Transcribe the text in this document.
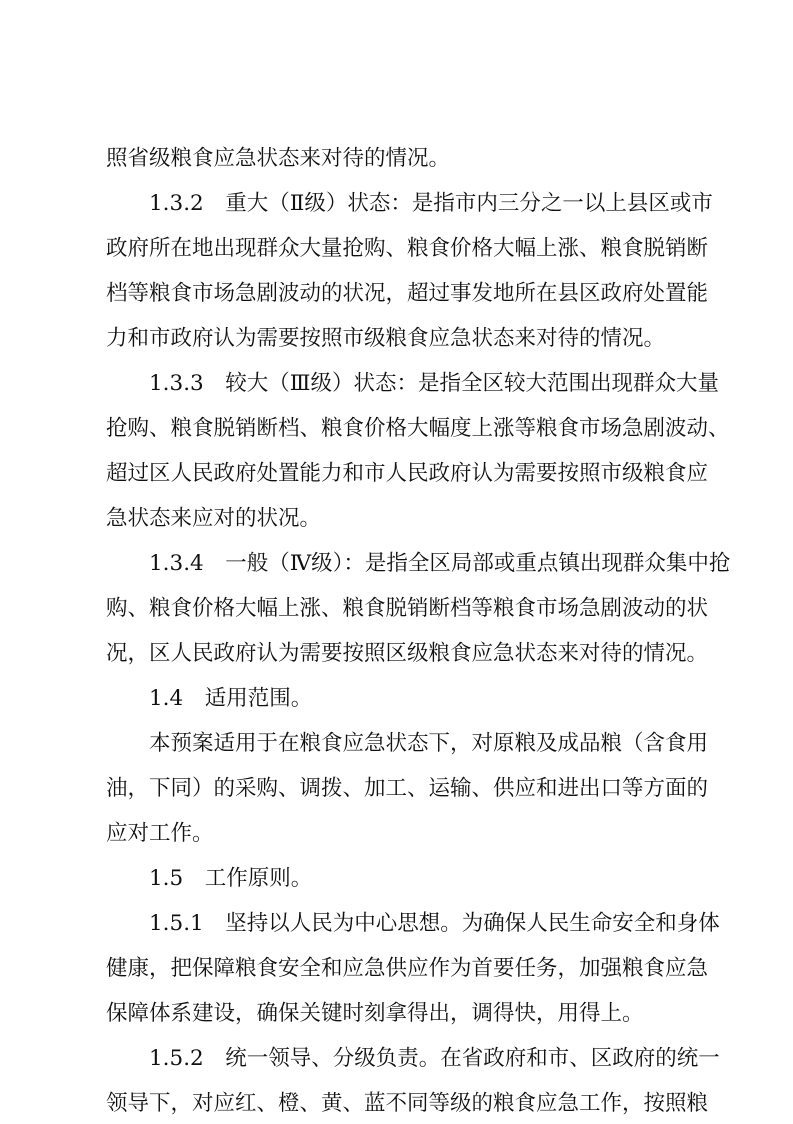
照省级粮食应急状态来对待的情况。
1.3.2　重大（Ⅱ级）状态：是指市内三分之一以上县区或市
政府所在地出现群众大量抢购、粮食价格大幅上涨、粮食脱销断
档等粮食市场急剧波动的状况，超过事发地所在县区政府处置能
力和市政府认为需要按照市级粮食应急状态来对待的情况。
1.3.3　较大（Ⅲ级）状态：是指全区较大范围出现群众大量
抢购、粮食脱销断档、粮食价格大幅度上涨等粮食市场急剧波动、
超过区人民政府处置能力和市人民政府认为需要按照市级粮食应
急状态来应对的状况。
1.3.4　一般（Ⅳ级）：是指全区局部或重点镇出现群众集中抢
购、粮食价格大幅上涨、粮食脱销断档等粮食市场急剧波动的状
况，区人民政府认为需要按照区级粮食应急状态来对待的情况。
1.4　适用范围。
本预案适用于在粮食应急状态下，对原粮及成品粮（含食用
油，下同）的采购、调拨、加工、运输、供应和进出口等方面的
应对工作。
1.5　工作原则。
1.5.1　坚持以人民为中心思想。为确保人民生命安全和身体
健康，把保障粮食安全和应急供应作为首要任务，加强粮食应急
保障体系建设，确保关键时刻拿得出，调得快，用得上。
1.5.2　统一领导、分级负责。在省政府和市、区政府的统一
领导下，对应红、橙、黄、蓝不同等级的粮食应急工作，按照粮
